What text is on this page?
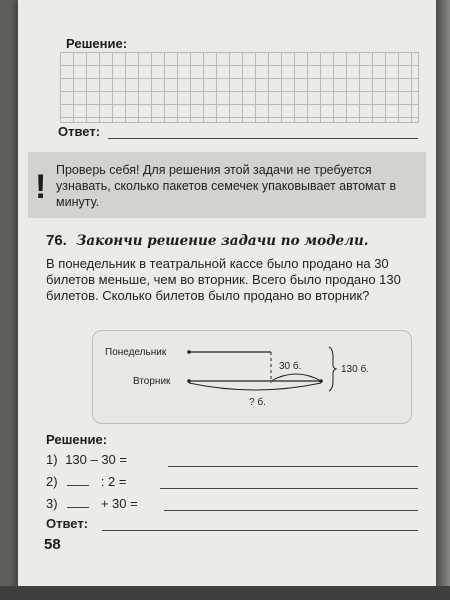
Решение:
Ответ:
! Проверь себя! Для решения этой задачи не требуется узнавать, сколько пакетов семечек упаковывает автомат в минуту.
76. Закончи решение задачи по модели.
В понедельник в театральной кассе было продано на 30 билетов меньше, чем во вторник. Всего было продано 130 билетов. Сколько билетов было продано во вторник?
Понедельник
Вторник
30 б.
? б.
130 б.
Решение:
1) 130 – 30 =
2)	: 2 =
3)	+ 30 =
Ответ:
58
